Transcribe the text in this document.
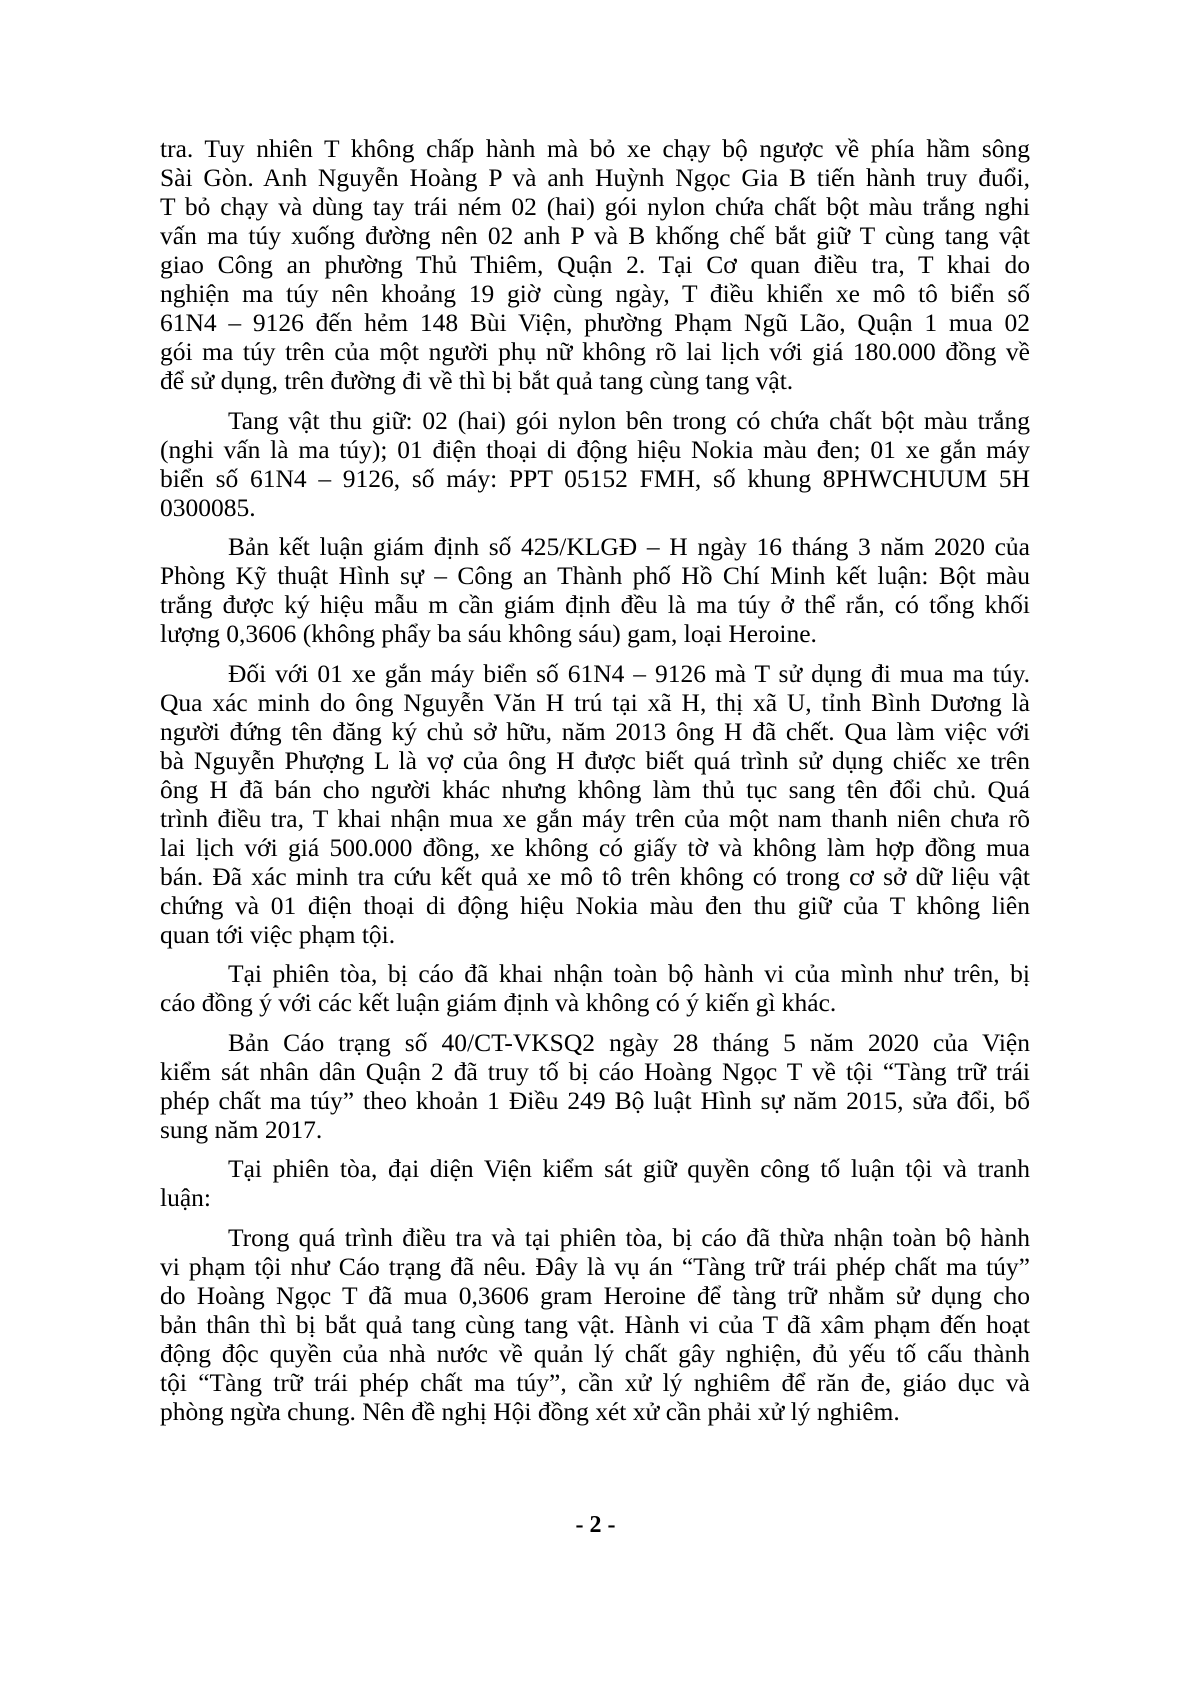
tra. Tuy nhiên T không chấp hành mà bỏ xe chạy bộ ngược về phía hầm sông
Sài Gòn. Anh Nguyễn Hoàng P và anh Huỳnh Ngọc Gia B tiến hành truy đuổi,
T bỏ chạy và dùng tay trái ném 02 (hai) gói nylon chứa chất bột màu trắng nghi
vấn ma túy xuống đường nên 02 anh P và B khống chế bắt giữ T cùng tang vật
giao Công an phường Thủ Thiêm, Quận 2. Tại Cơ quan điều tra, T khai do
nghiện ma túy nên khoảng 19 giờ cùng ngày, T điều khiển xe mô tô biển số
61N4 – 9126 đến hẻm 148 Bùi Viện, phường Phạm Ngũ Lão, Quận 1 mua 02
gói ma túy trên của một người phụ nữ không rõ lai lịch với giá 180.000 đồng về
để sử dụng, trên đường đi về thì bị bắt quả tang cùng tang vật.
Tang vật thu giữ: 02 (hai) gói nylon bên trong có chứa chất bột màu trắng
(nghi vấn là ma túy); 01 điện thoại di động hiệu Nokia màu đen; 01 xe gắn máy
biển số 61N4 – 9126, số máy: PPT 05152 FMH, số khung 8PHWCHUUM 5H
0300085.
Bản kết luận giám định số 425/KLGĐ – H ngày 16 tháng 3 năm 2020 của
Phòng Kỹ thuật Hình sự – Công an Thành phố Hồ Chí Minh kết luận: Bột màu
trắng được ký hiệu mẫu m cần giám định đều là ma túy ở thể rắn, có tổng khối
lượng 0,3606 (không phẩy ba sáu không sáu) gam, loại Heroine.
Đối với 01 xe gắn máy biển số 61N4 – 9126 mà T sử dụng đi mua ma túy.
Qua xác minh do ông Nguyễn Văn H trú tại xã H, thị xã U, tỉnh Bình Dương là
người đứng tên đăng ký chủ sở hữu, năm 2013 ông H đã chết. Qua làm việc với
bà Nguyễn Phượng L là vợ của ông H được biết quá trình sử dụng chiếc xe trên
ông H đã bán cho người khác nhưng không làm thủ tục sang tên đổi chủ. Quá
trình điều tra, T khai nhận mua xe gắn máy trên của một nam thanh niên chưa rõ
lai lịch với giá 500.000 đồng, xe không có giấy tờ và không làm hợp đồng mua
bán. Đã xác minh tra cứu kết quả xe mô tô trên không có trong cơ sở dữ liệu vật
chứng và 01 điện thoại di động hiệu Nokia màu đen thu giữ của T không liên
quan tới việc phạm tội.
Tại phiên tòa, bị cáo đã khai nhận toàn bộ hành vi của mình như trên, bị
cáo đồng ý với các kết luận giám định và không có ý kiến gì khác.
Bản Cáo trạng số 40/CT-VKSQ2 ngày 28 tháng 5 năm 2020 của Viện
kiểm sát nhân dân Quận 2 đã truy tố bị cáo Hoàng Ngọc T về tội “Tàng trữ trái
phép chất ma túy” theo khoản 1 Điều 249 Bộ luật Hình sự năm 2015, sửa đổi, bổ
sung năm 2017.
Tại phiên tòa, đại diện Viện kiểm sát giữ quyền công tố luận tội và tranh
luận:
Trong quá trình điều tra và tại phiên tòa, bị cáo đã thừa nhận toàn bộ hành
vi phạm tội như Cáo trạng đã nêu. Đây là vụ án “Tàng trữ trái phép chất ma túy”
do Hoàng Ngọc T đã mua 0,3606 gram Heroine để tàng trữ nhằm sử dụng cho
bản thân thì bị bắt quả tang cùng tang vật. Hành vi của T đã xâm phạm đến hoạt
động độc quyền của nhà nước về quản lý chất gây nghiện, đủ yếu tố cấu thành
tội “Tàng trữ trái phép chất ma túy”, cần xử lý nghiêm để răn đe, giáo dục và
phòng ngừa chung. Nên đề nghị Hội đồng xét xử cần phải xử lý nghiêm.
- 2 -
